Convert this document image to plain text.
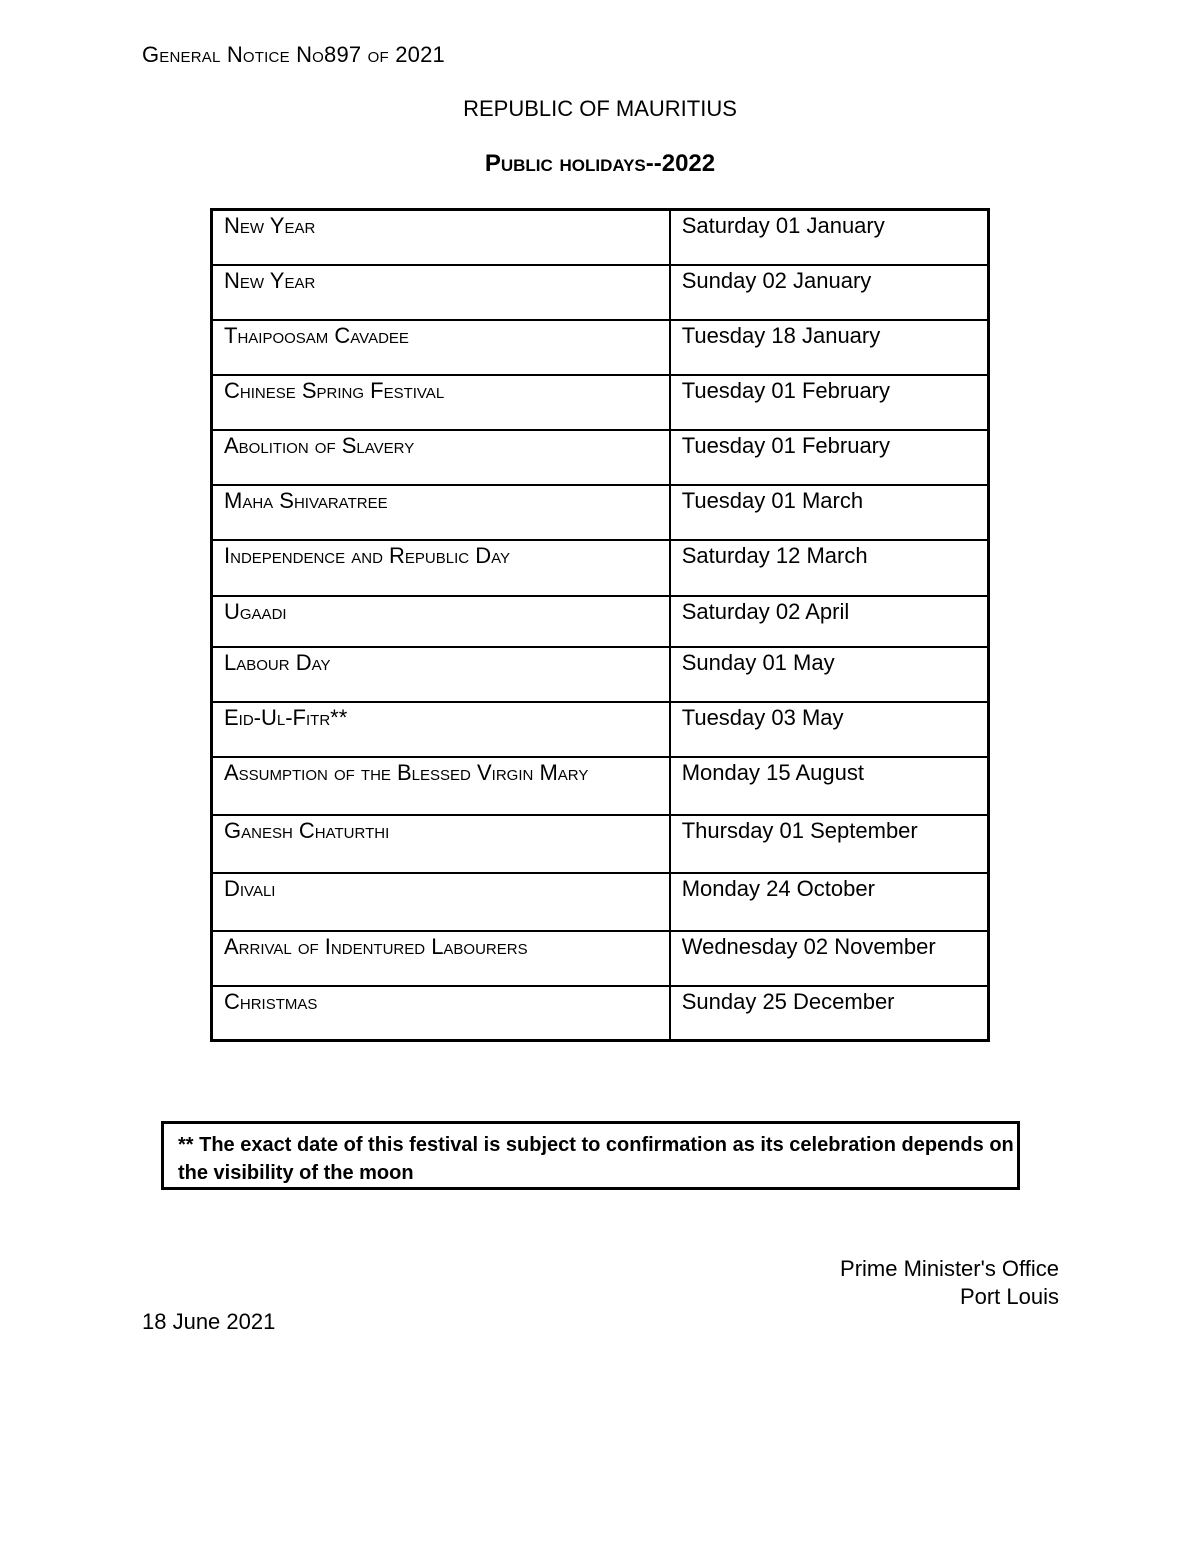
General Notice No897 of 2021
REPUBLIC OF MAURITIUS
Public holidays--2022
New Year	Saturday 01 January
New Year	Sunday 02 January
Thaipoosam Cavadee	Tuesday 18 January
Chinese Spring Festival	Tuesday 01 February
Abolition of Slavery	Tuesday 01 February
Maha Shivaratree	Tuesday 01 March
Independence and Republic Day	Saturday 12 March
Ugaadi	Saturday 02 April
Labour Day	Sunday 01 May
Eid-Ul-Fitr**	Tuesday 03 May
Assumption of the Blessed Virgin Mary	Monday 15 August
Ganesh Chaturthi	Thursday 01 September
Divali	Monday 24 October
Arrival of Indentured Labourers	Wednesday 02 November
Christmas	Sunday 25 December
** The exact date of this festival is subject to confirmation as its celebration depends on the visibility of the moon
Prime Minister's Office
Port Louis
18 June 2021
